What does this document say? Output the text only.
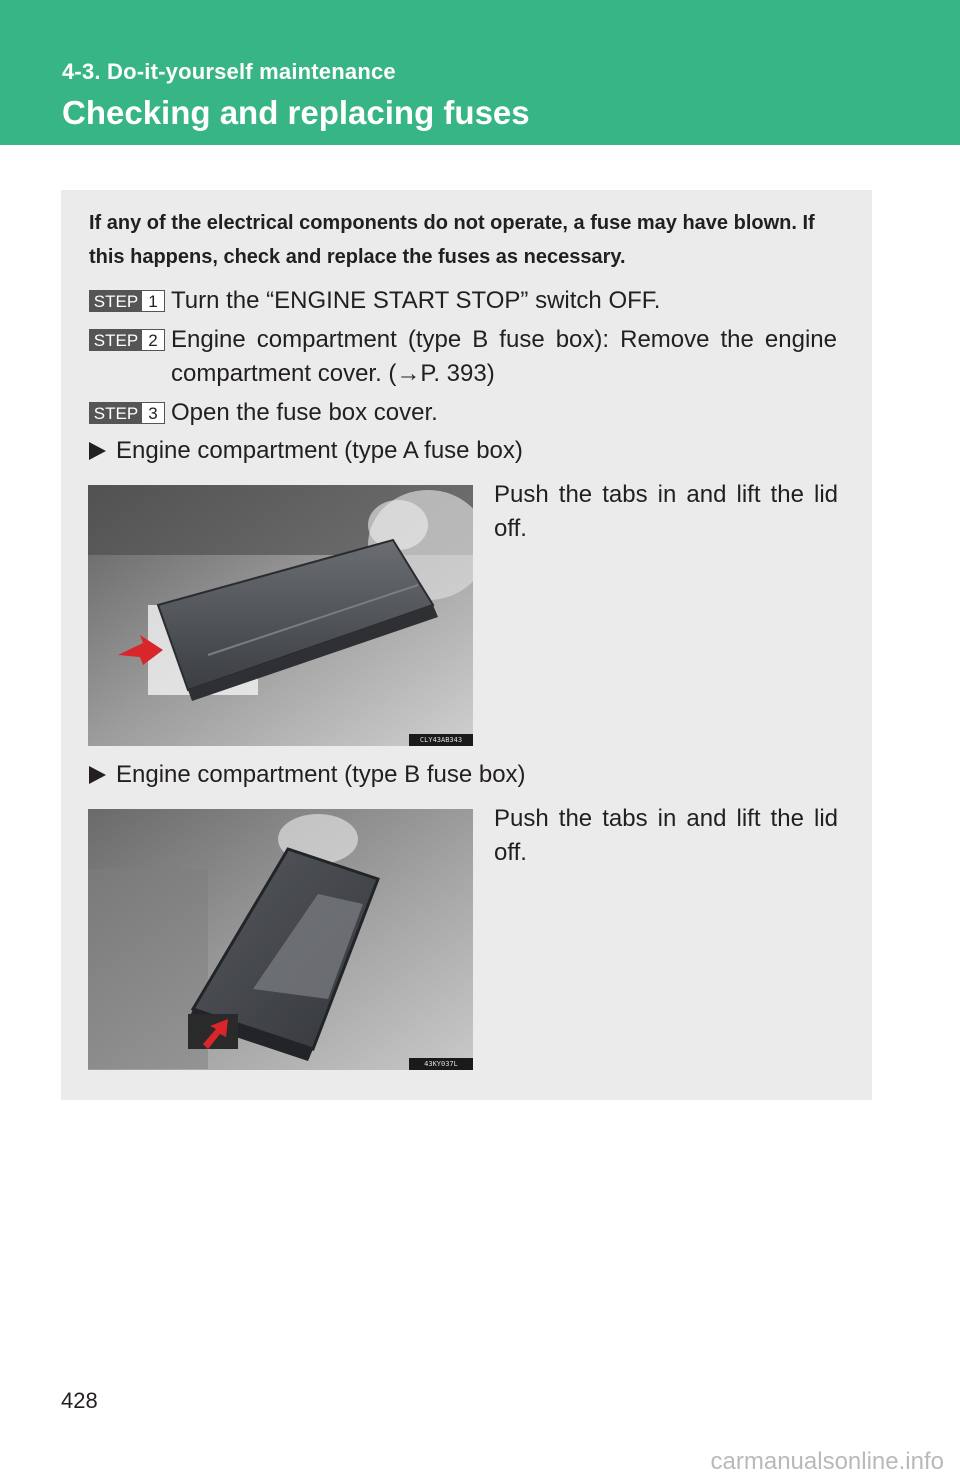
4-3. Do-it-yourself maintenance
Checking and replacing fuses
If any of the electrical components do not operate, a fuse may have blown. If this happens, check and replace the fuses as necessary.
STEP 1 Turn the “ENGINE START STOP” switch OFF.
STEP 2 Engine compartment (type B fuse box): Remove the engine compartment cover. (→P. 393)
STEP 3 Open the fuse box cover.
Engine compartment (type A fuse box)
CLY43AB343
Push the tabs in and lift the lid off.
Engine compartment (type B fuse box)
43KY037L
Push the tabs in and lift the lid off.
428
carmanualsonline.info
